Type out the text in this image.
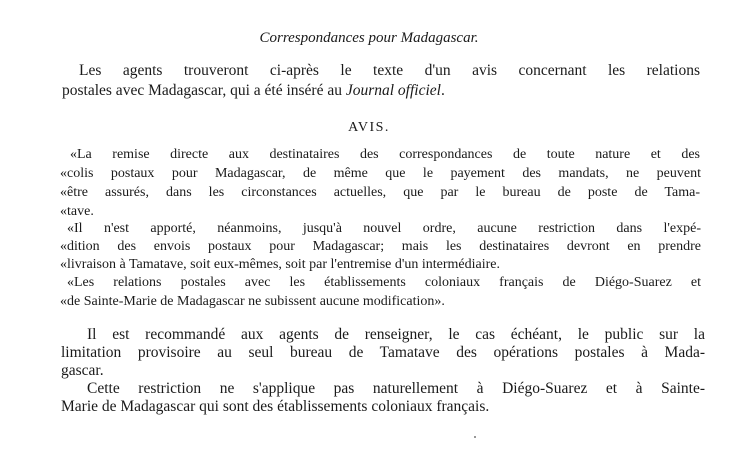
Correspondances pour Madagascar.
Les agents trouveront ci-après le texte d'un avis concernant les relations
postales avec Madagascar, qui a été inséré au Journal officiel.
AVIS.
«La remise directe aux destinataires des correspondances de toute nature et des
«colis postaux pour Madagascar, de même que le payement des mandats, ne peuvent
«être assurés, dans les circonstances actuelles, que par le bureau de poste de Tama-
«tave.
«Il n'est apporté, néanmoins, jusqu'à nouvel ordre, aucune restriction dans l'expé-
«dition des envois postaux pour Madagascar; mais les destinataires devront en prendre
«livraison à Tamatave, soit eux-mêmes, soit par l'entremise d'un intermédiaire.
«Les relations postales avec les établissements coloniaux français de Diégo-Suarez et
«de Sainte-Marie de Madagascar ne subissent aucune modification».
Il est recommandé aux agents de renseigner, le cas échéant, le public sur la
limitation provisoire au seul bureau de Tamatave des opérations postales à Mada-
gascar.
Cette restriction ne s'applique pas naturellement à Diégo-Suarez et à Sainte-
Marie de Madagascar qui sont des établissements coloniaux français.
